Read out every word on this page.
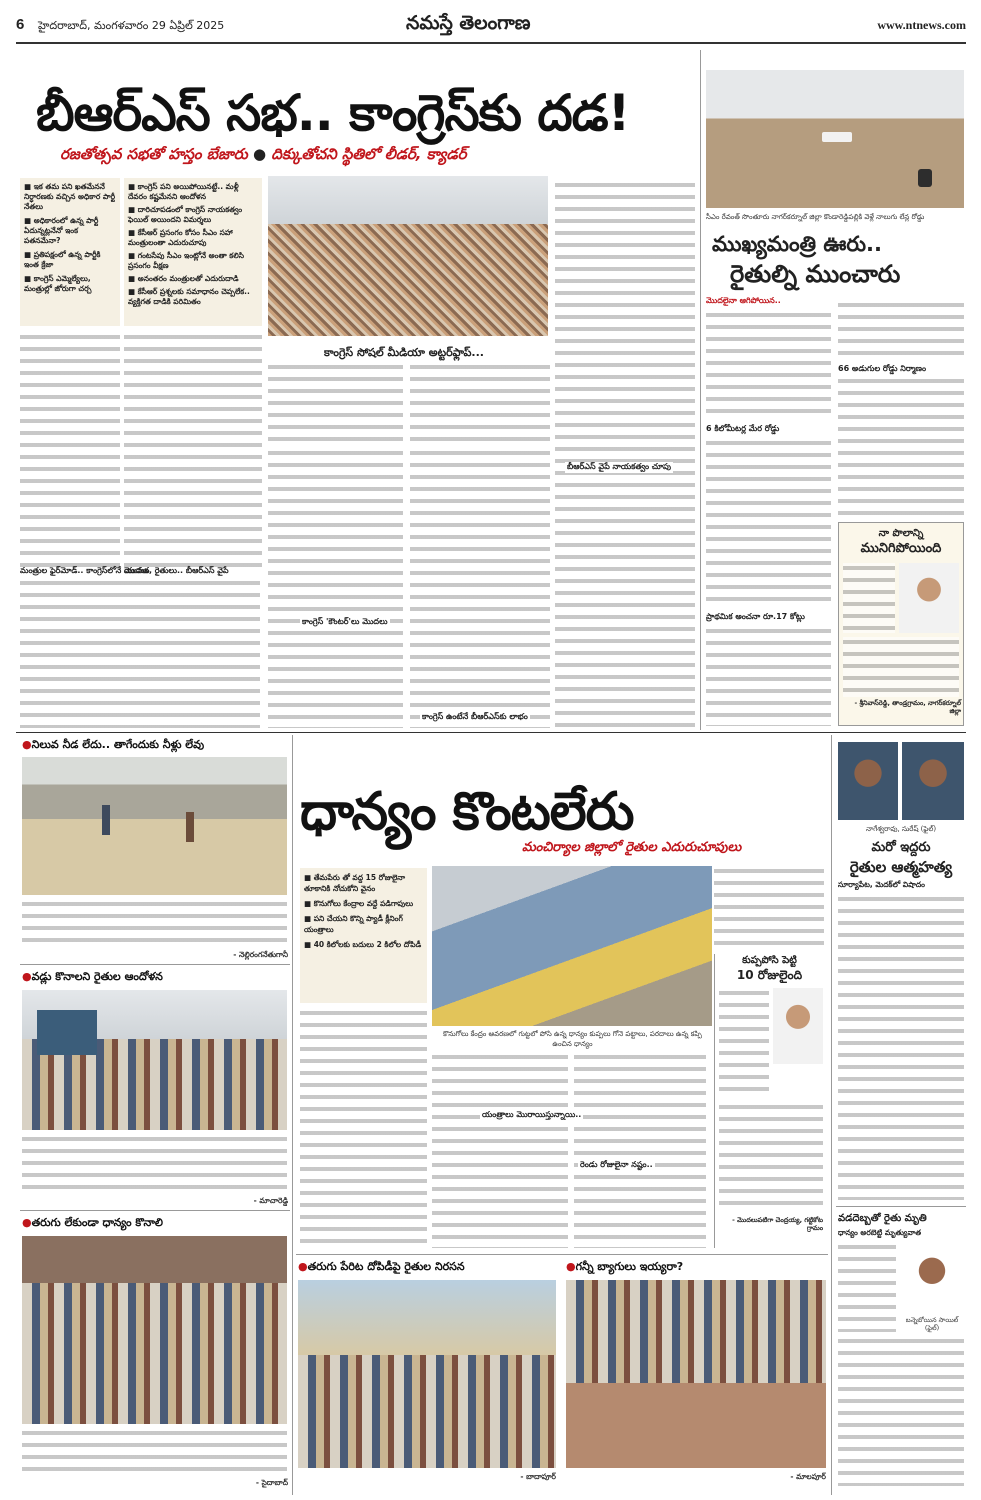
6 హైదరాబాద్, మంగళవారం 29 ఏప్రిల్ 2025	నమస్తే తెలంగాణ	www.ntnews.com
బీఆర్ఎస్ సభ.. కాంగ్రెస్‌కు దడ!
రజతోత్సవ సభతో హస్తం బేజారు ● దిక్కుతోచని స్థితిలో లీడర్, క్యాడర్
■ ఇక తమ పని ఖతమేననే నిర్ధారణకు వచ్చిన అధికార పార్టీ నేతలు
■ అధికారంలో ఉన్న పార్టీ ఏదున్నట్లనేనో ఇంక పతనమేనా?
■ ప్రతిపక్షంలో ఉన్న పార్టీకి ఇంత క్రేజా
■ కాంగ్రెస్ ఎమ్మెల్యేలు, మంత్రుల్లో జోరుగా చర్చ
■ కాంగ్రెస్ పని అయిపోయినట్టే.. మళ్లీ దేవరం కష్టమేనని ఆందోళన
■ దారిచూపడంలో కాంగ్రెస్ నాయకత్వం ఫెయిల్ అయిందని విమర్శలు
■ కేసీఆర్ ప్రసంగం కోసం సీఎం సహా మంత్రులంతా ఎదురుచూపు
■ గంటసేపు సీఎం ఇంట్లోనే అంతా కలిసి ప్రసంగం వీక్షణ
■ అనంతరం మంత్రులతో ఎదురుదాడి
■ కేసీఆర్ ప్రశ్నలకు సమాధానం చెప్పలేక.. వ్యక్తిగత దాడికి పరిమితం
కాంగ్రెస్ సోషల్ మీడియా అట్టర్‌ఫ్లాప్...
మంత్రుల ఫైర్‌మోడ్.. కాంగ్రెస్‌లోనే మొదలు
యువత, రైతులు.. బీఆర్ఎస్ వైపే
కాంగ్రెస్ 'కౌంటర్'లు మొదలు
కాంగ్రెస్ ఉంటేనే బీఆర్ఎస్‌కు లాభం
బీఆర్ఎస్ వైపే నాయకత్వం చూపు
సీఎం రేవంత్ సొంతూరు నాగర్‌కర్నూల్ జిల్లా కొండారెడ్డిపల్లికి వెళ్లే నాలుగు లేన్ల రోడ్డు
ముఖ్యమంత్రి ఊరు..
రైతుల్ని ముంచారు
మొదలైనా ఆగిపోయిన..
66 అడుగుల రోడ్డు నిర్మాణం
6 కిలోమీటర్ల మేర రోడ్డు
ప్రాథమిక అంచనా రూ.17 కోట్లు
నా పొలాన్ని
మునిగిపోయింది
- శ్రీనివాస్‌రెడ్డి, తాండ్రగ్రామం, నాగర్‌కర్నూల్ జిల్లా
● నిలువ నీడ లేదు.. తాగేందుకు నీళ్లు లేవు
- నెల్లిరంగనేతుగానీ
● వడ్లు కొనాలని రైతుల ఆందోళన
- మాచారెడ్డి
● తరుగు లేకుండా ధాన్యం కొనాలి
- సైదాబాద్
ధాన్యం కొంటలేరు
మంచిర్యాల జిల్లాలో రైతుల ఎదురుచూపులు
■ తేమపేరు తో వద్ద 15 రోజులైనా తూకానికి నోచుకోని వైనం
■ కొనుగోలు కేంద్రాల వద్దే పడిగాపులు
■ పని చేయని కొన్ని ప్యాడీ క్లీనింగ్ యంత్రాలు
■ 40 కిలోలకు బదులు 2 కిలోల దోపిడీ
కొనుగోలు కేంద్రం ఆవరణలో గుట్టలో పోసి ఉన్న ధాన్యం కుప్పలు గోనె పట్టాలు, పరదాలు ఉన్న కప్పి ఉంచిన ధాన్యం
యంత్రాలు మొరాయిస్తున్నాయి..
రెండు రోజులైనా నష్టం..
కుప్పపోసి పెట్టి
10 రోజులైంది
- మొదలుపటిగా చెంద్రయ్య, గట్టికోట గ్రామం
● తరుగు పేరిట దోపిడీపై రైతుల నిరసన
- బాదాపూర్
● గన్నీ బ్యాగులు ఇయ్యరా?
- మాలపూర్
నాగేశ్వరావు, సురేష్ (ఫైల్)
మరో ఇద్దరు
రైతుల ఆత్మహత్య
సూర్యాపేట, మెదక్‌లో విషాదం
వడదెబ్బతో రైతు మృతి
ధాన్యం అరబెట్టి మృత్యువాత
బన్నెబోయిన సాయిల్ (ఫైల్)
